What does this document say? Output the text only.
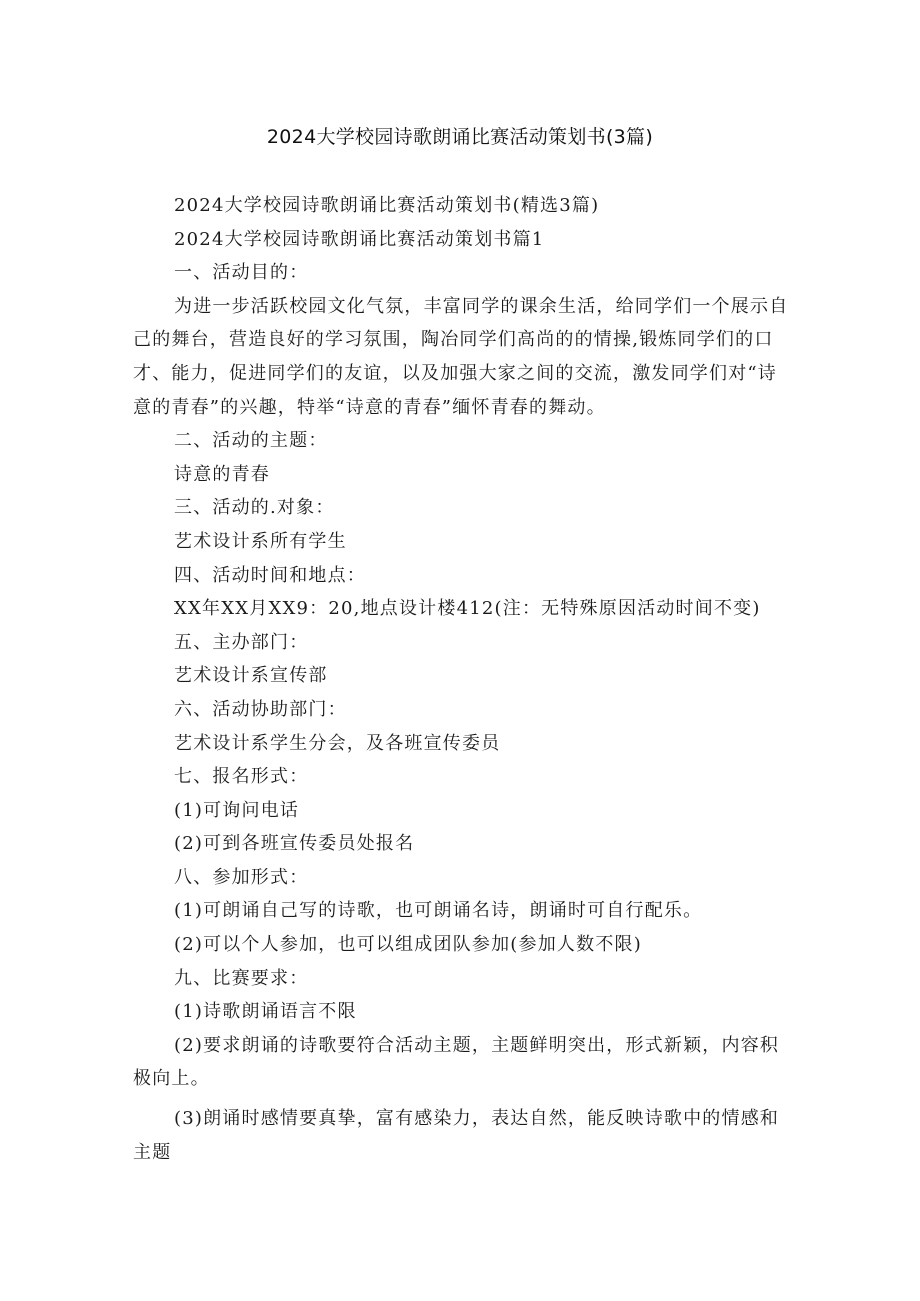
2024大学校园诗歌朗诵比赛活动策划书(3篇)

2024大学校园诗歌朗诵比赛活动策划书(精选3篇)

2024大学校园诗歌朗诵比赛活动策划书篇1

一、活动目的：

为进一步活跃校园文化气氛，丰富同学的课余生活，给同学们一个展示自己的舞台，营造良好的学习氛围，陶冶同学们高尚的的情操,锻炼同学们的口才、能力，促进同学们的友谊，以及加强大家之间的交流，激发同学们对“诗意的青春”的兴趣，特举“诗意的青春”缅怀青春的舞动。

二、活动的主题：

诗意的青春

三、活动的.对象：

艺术设计系所有学生

四、活动时间和地点：

XX年XX月XX9：20,地点设计楼412(注：无特殊原因活动时间不变)

五、主办部门：

艺术设计系宣传部

六、活动协助部门：

艺术设计系学生分会，及各班宣传委员

七、报名形式：

(1)可询问电话

(2)可到各班宣传委员处报名

八、参加形式：

(1)可朗诵自己写的诗歌，也可朗诵名诗，朗诵时可自行配乐。

(2)可以个人参加，也可以组成团队参加(参加人数不限)

九、比赛要求：

(1)诗歌朗诵语言不限

(2)要求朗诵的诗歌要符合活动主题，主题鲜明突出，形式新颖，内容积极向上。

(3)朗诵时感情要真挚，富有感染力，表达自然，能反映诗歌中的情感和主题
